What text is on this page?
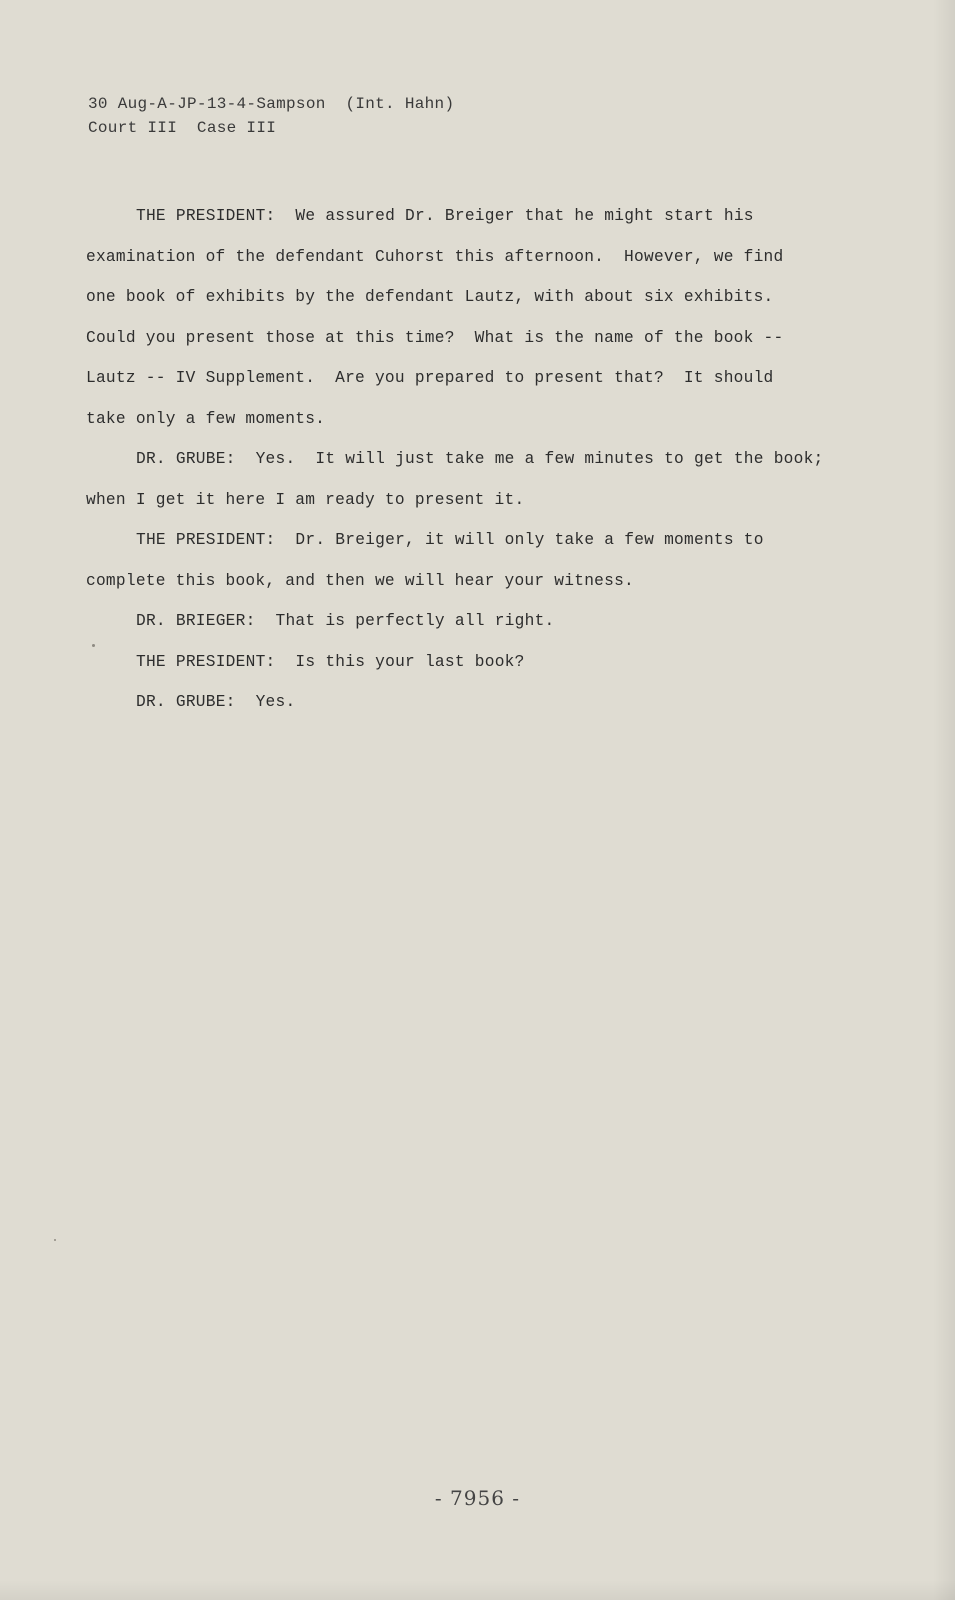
30 Aug-A-JP-13-4-Sampson  (Int. Hahn)
Court III  Case III
THE PRESIDENT:  We assured Dr. Breiger that he might start his
examination of the defendant Cuhorst this afternoon.  However, we find
one book of exhibits by the defendant Lautz, with about six exhibits.
Could you present those at this time?  What is the name of the book --
Lautz -- IV Supplement.  Are you prepared to present that?  It should
take only a few moments.
DR. GRUBE:  Yes.  It will just take me a few minutes to get the book;
when I get it here I am ready to present it.
THE PRESIDENT:  Dr. Breiger, it will only take a few moments to
complete this book, and then we will hear your witness.
DR. BRIEGER:  That is perfectly all right.
THE PRESIDENT:  Is this your last book?
DR. GRUBE:  Yes.
- 7956 -
